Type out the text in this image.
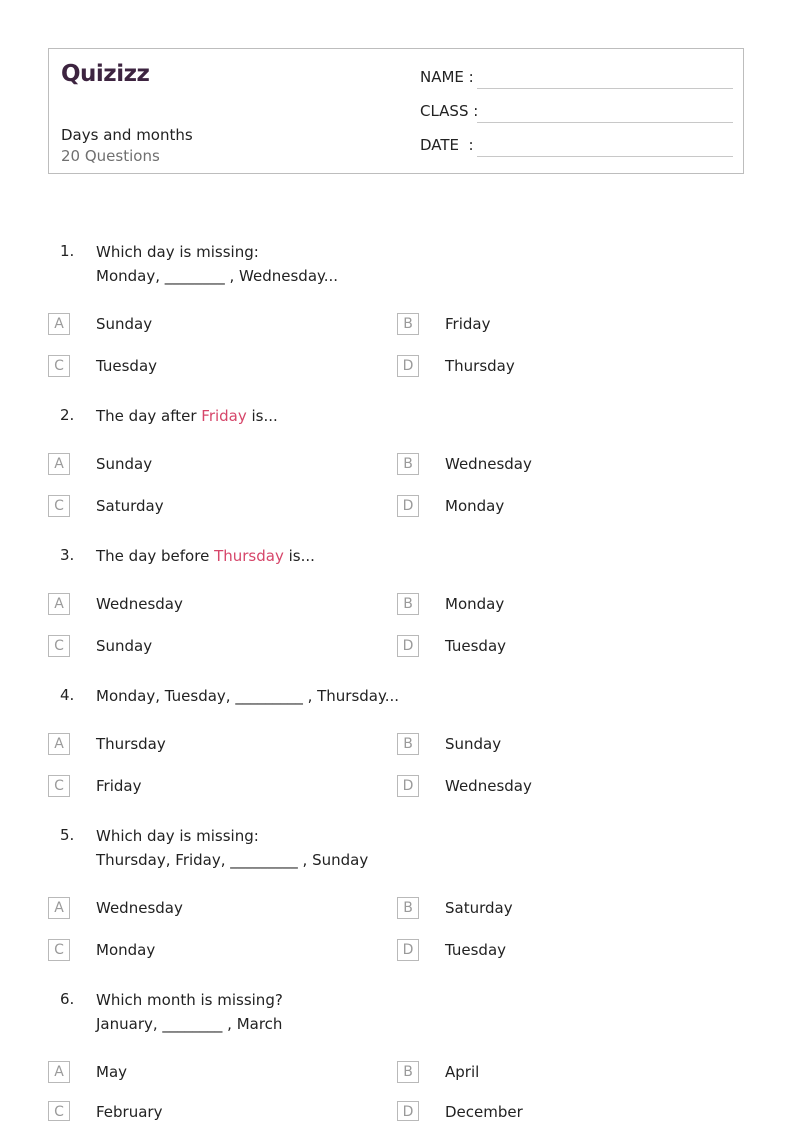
Quizizz
Days and months
20 Questions
NAME :
CLASS :
DATE  :
1. Which day is missing:
Monday, ________ , Wednesday...
A	Sunday	B	Friday
C	Tuesday	D	Thursday
2. The day after Friday is...
A	Sunday	B	Wednesday
C	Saturday	D	Monday
3. The day before Thursday is...
A	Wednesday	B	Monday
C	Sunday	D	Tuesday
4. Monday, Tuesday, _________ , Thursday...
A	Thursday	B	Sunday
C	Friday	D	Wednesday
5. Which day is missing:
Thursday, Friday, _________ , Sunday
A	Wednesday	B	Saturday
C	Monday	D	Tuesday
6. Which month is missing?
January, ________ , March
A	May	B	April
C	February	D	December
